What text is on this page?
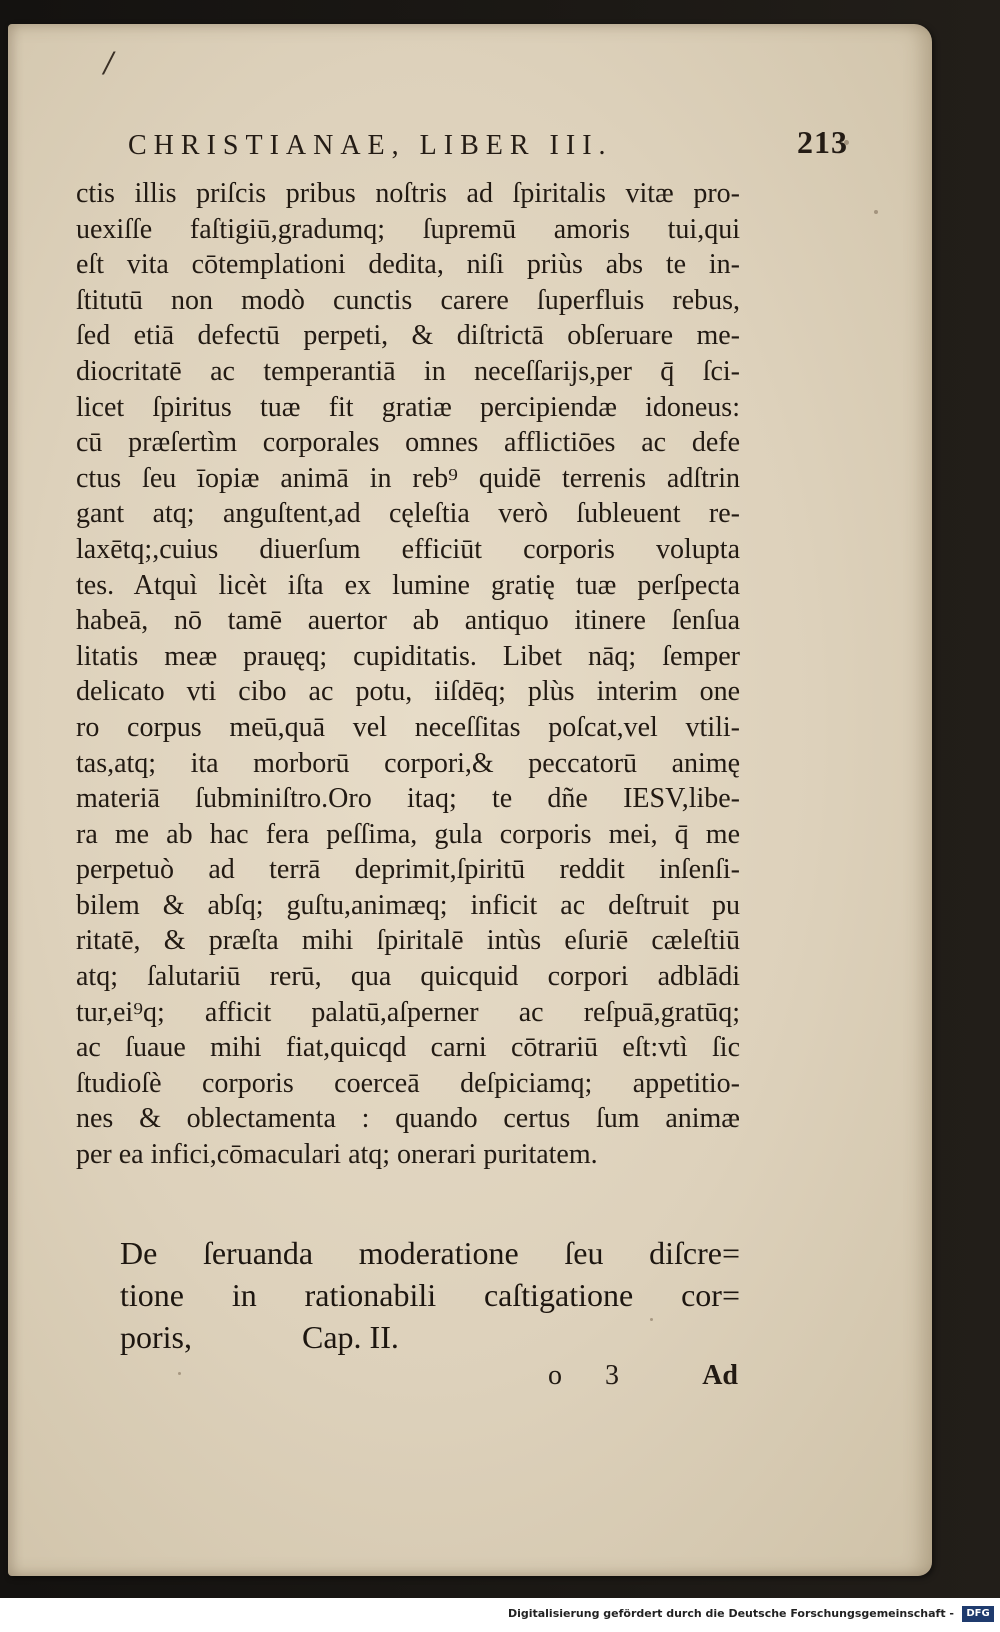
/
CHRISTIANAE, LIBER III.	213
ctis illis priſcis pribus noſtris ad ſpiritalis vitæ pro-
uexiſſe faſtigiū,gradumq; ſupremū amoris tui,qui
eſt vita cōtemplationi dedita, niſi priùs abs te in-
ſtitutū non modò cunctis carere ſuperfluis rebus,
ſed etiā defectū perpeti, & diſtrictā obſeruare me-
diocritatē ac temperantiā in neceſſarijs,per q̄ ſci-
licet ſpiritus tuæ fit gratiæ percipiendæ idoneus:
cū præſertìm corporales omnes afflictiōes ac defe
ctus ſeu īopiæ animā in reb⁹ quidē terrenis adſtrin
gant atq; anguſtent,ad cęleſtia verò ſubleuent re-
laxētq;,cuius diuerſum efficiūt corporis volupta
tes. Atquì licèt iſta ex lumine gratię tuæ perſpecta
habeā, nō tamē auertor ab antiquo itinere ſenſua
litatis meæ prauęq; cupiditatis. Libet nāq; ſemper
delicato vti cibo ac potu, iiſdēq; plùs interim one
ro corpus meū,quā vel neceſſitas poſcat,vel vtili-
tas,atq; ita morborū corpori,& peccatorū animę
materiā ſubminiſtro.Oro itaq; te dñe IESV,libe-
ra me ab hac fera peſſima, gula corporis mei, q̄ me
perpetuò ad terrā deprimit,ſpiritū reddit inſenſi-
bilem & abſq; guſtu,animæq; inficit ac deſtruit pu
ritatē, & præſta mihi ſpiritalē intùs eſuriē cæleſtiū
atq; ſalutariū rerū, qua quicquid corpori adblādi
tur,ei⁹q; afficit palatū,aſperner ac reſpuā,gratūq;
ac ſuaue mihi fiat,quicqd carni cōtrariū eſt:vtì ſic
ſtudioſè corporis coerceā deſpiciamq; appetitio-
nes & oblectamenta : quando certus ſum animæ
per ea infici,cōmaculari atq; onerari puritatem.
De ſeruanda moderatione ſeu diſcre=
tione in rationabili caſtigatione cor=
poris,	Cap. II.
o 3 Ad
Digitalisierung gefördert durch die Deutsche Forschungsgemeinschaft -	DFG
